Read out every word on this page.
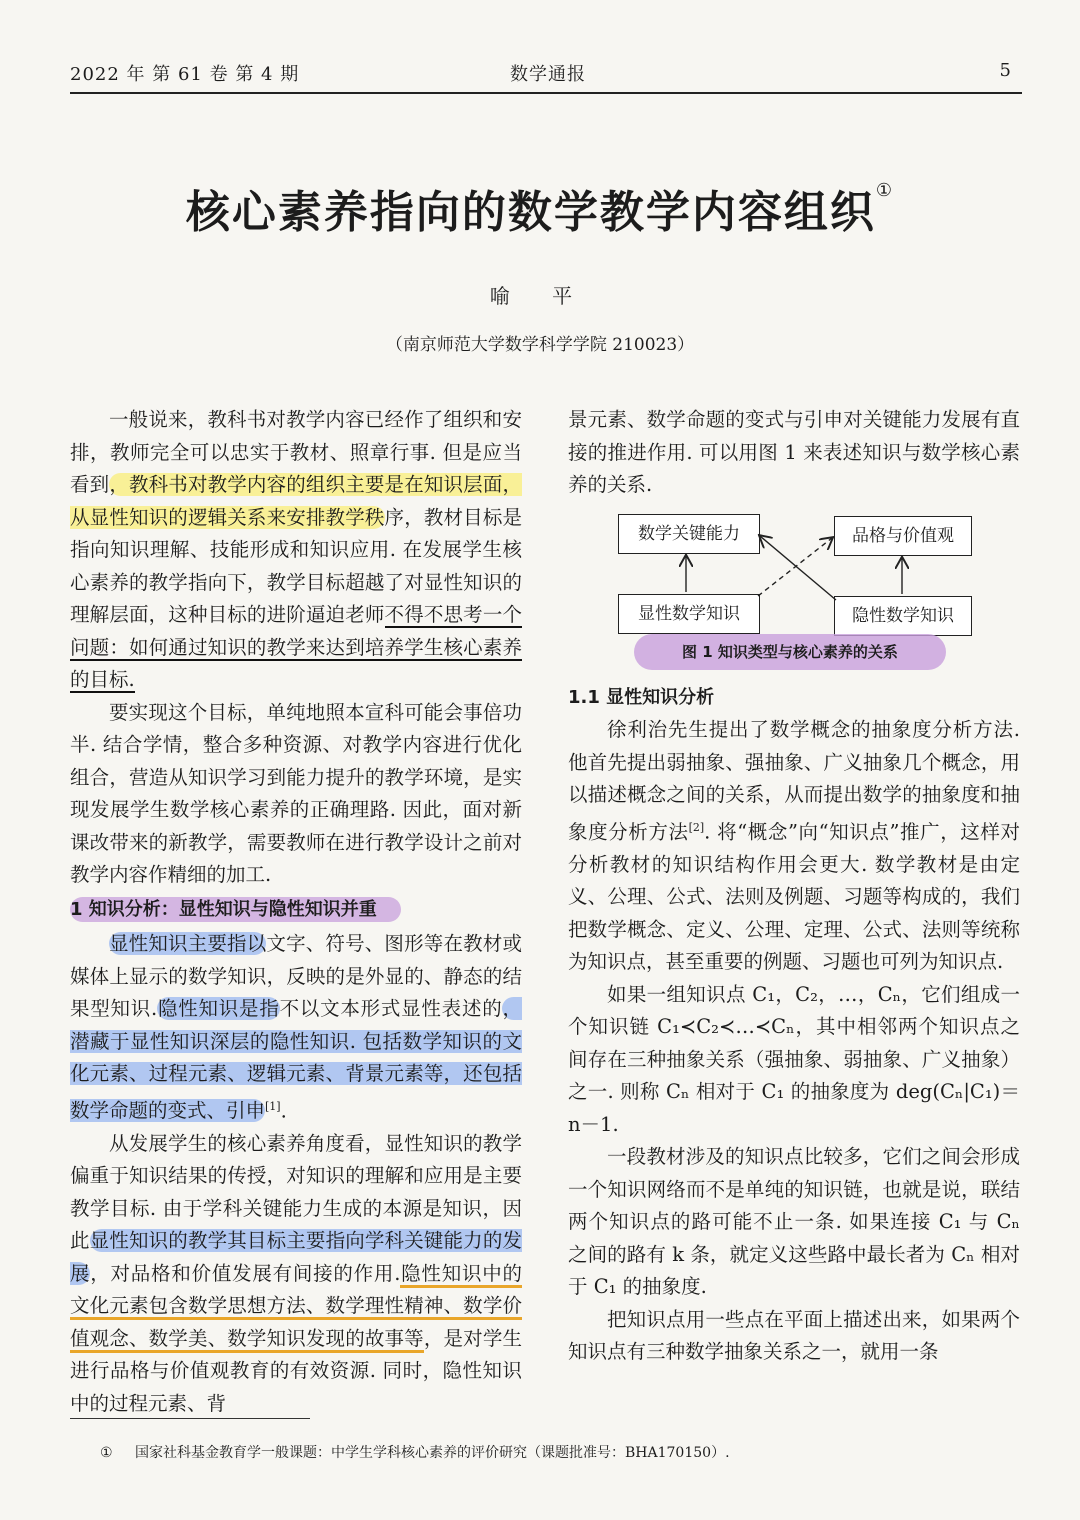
2022 年 第 61 卷 第 4 期	数学通报	5
核心素养指向的数学教学内容组织①
喻 平
（南京师范大学数学科学学院 210023）

一般说来，教科书对教学内容已经作了组织和安排，教师完全可以忠实于教材、照章行事. 但是应当看到，教科书对教学内容的组织主要是在知识层面，从显性知识的逻辑关系来安排教学秩序，教材目标是指向知识理解、技能形成和知识应用. 在发展学生核心素养的教学指向下，教学目标超越了对显性知识的理解层面，这种目标的进阶逼迫老师不得不思考一个问题：如何通过知识的教学来达到培养学生核心素养的目标.

要实现这个目标，单纯地照本宣科可能会事倍功半. 结合学情，整合多种资源、对教学内容进行优化组合，营造从知识学习到能力提升的教学环境，是实现发展学生数学核心素养的正确理路. 因此，面对新课改带来的新教学，需要教师在进行教学设计之前对教学内容作精细的加工.

1 知识分析：显性知识与隐性知识并重

显性知识主要指以文字、符号、图形等在教材或媒体上显示的数学知识，反映的是外显的、静态的结果型知识.隐性知识是指不以文本形式显性表述的，潜藏于显性知识深层的隐性知识. 包括数学知识的文化元素、过程元素、逻辑元素、背景元素等，还包括数学命题的变式、引申[1].

从发展学生的核心素养角度看，显性知识的教学偏重于知识结果的传授，对知识的理解和应用是主要教学目标. 由于学科关键能力生成的本源是知识，因此显性知识的教学其目标主要指向学科关键能力的发展，对品格和价值发展有间接的作用.隐性知识中的文化元素包含数学思想方法、数学理性精神、数学价值观念、数学美、数学知识发现的故事等，是对学生进行品格与价值观教育的有效资源. 同时，隐性知识中的过程元素、背

景元素、数学命题的变式与引申对关键能力发展有直接的推进作用. 可以用图 1 来表述知识与数学核心素养的关系.

数学关键能力	品格与价值观
显性数学知识	隐性数学知识
图 1 知识类型与核心素养的关系

1.1 显性知识分析

徐利治先生提出了数学概念的抽象度分析方法. 他首先提出弱抽象、强抽象、广义抽象几个概念，用以描述概念之间的关系，从而提出数学的抽象度和抽象度分析方法[2]. 将“概念”向“知识点”推广，这样对分析教材的知识结构作用会更大. 数学教材是由定义、公理、公式、法则及例题、习题等构成的，我们把数学概念、定义、公理、定理、公式、法则等统称为知识点，甚至重要的例题、习题也可列为知识点.

如果一组知识点 C₁，C₂，…，Cₙ，它们组成一个知识链 C₁≺C₂≺…≺Cₙ，其中相邻两个知识点之间存在三种抽象关系（强抽象、弱抽象、广义抽象）之一. 则称 Cₙ 相对于 C₁ 的抽象度为 deg(Cₙ|C₁)＝n－1.

一段教材涉及的知识点比较多，它们之间会形成一个知识网络而不是单纯的知识链，也就是说，联结两个知识点的路可能不止一条. 如果连接 C₁ 与 Cₙ 之间的路有 k 条，就定义这些路中最长者为 Cₙ 相对于 C₁ 的抽象度.

把知识点用一些点在平面上描述出来，如果两个知识点有三种数学抽象关系之一，就用一条

① 国家社科基金教育学一般课题：中学生学科核心素养的评价研究（课题批准号：BHA170150）.
